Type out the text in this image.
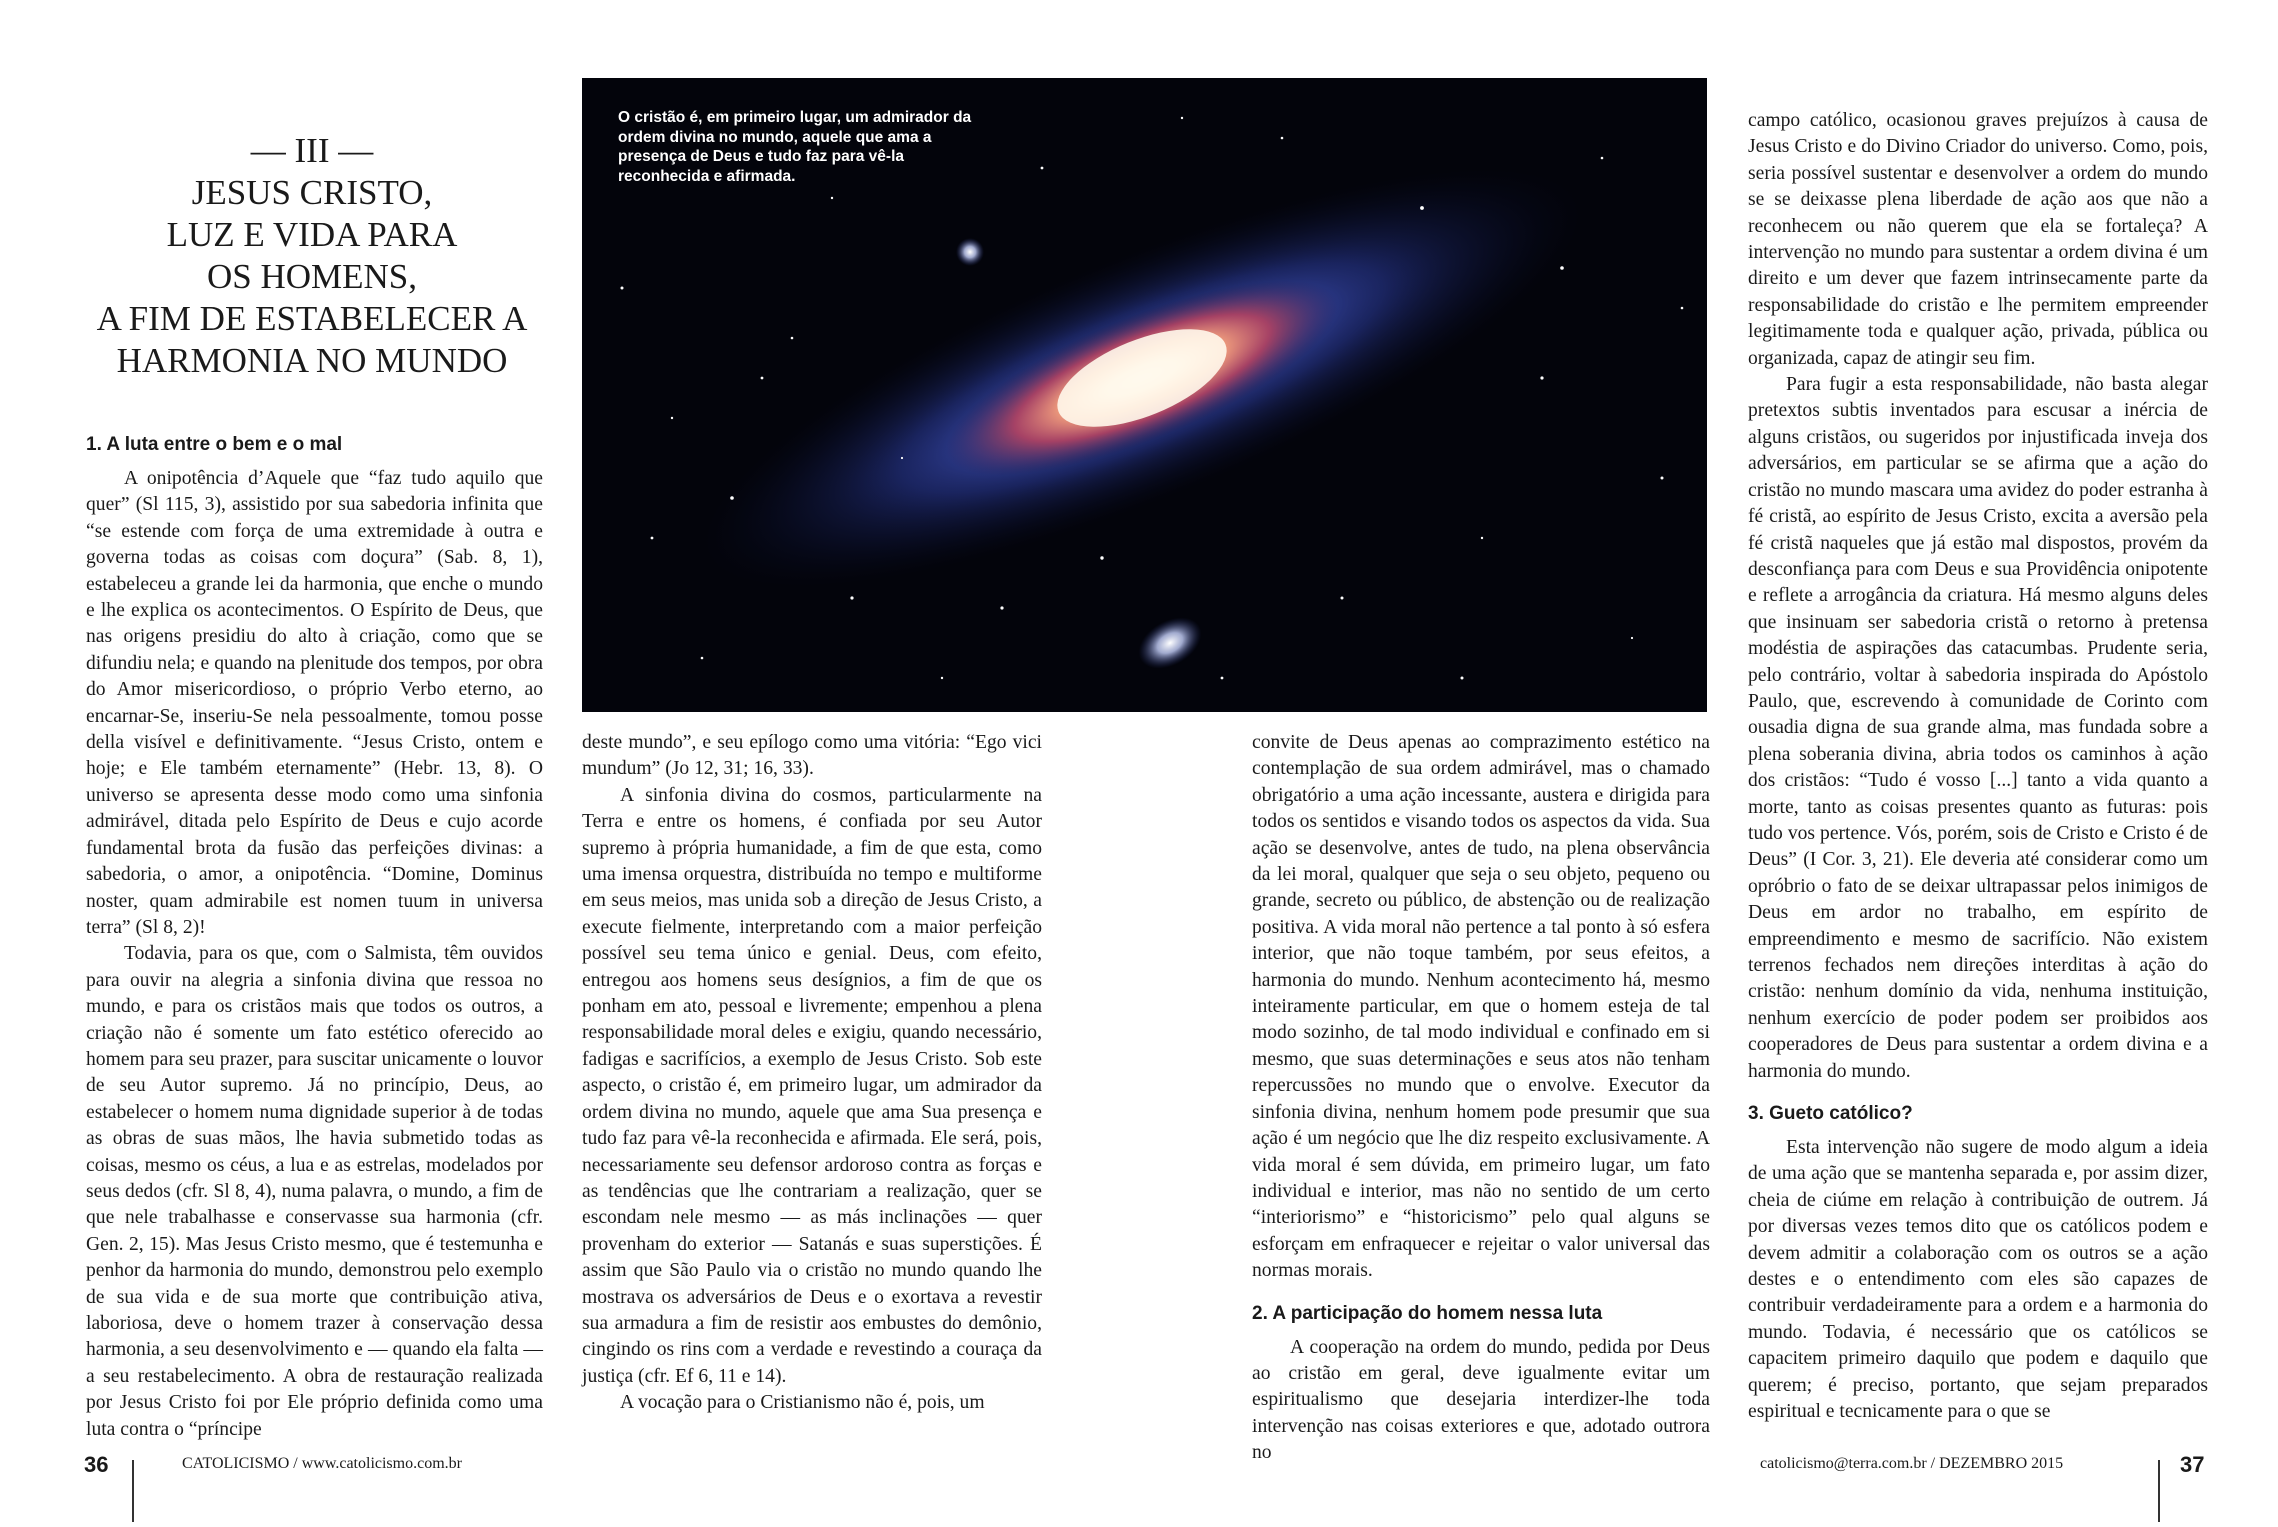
— III —
JESUS CRISTO,
LUZ E VIDA PARA
OS HOMENS,
A FIM DE ESTABELECER A
HARMONIA NO MUNDO
O cristão é, em primeiro lugar, um admirador da ordem divina no mundo, aquele que ama a presença de Deus e tudo faz para vê-la reconhecida e afirmada.
1. A luta entre o bem e o mal

A onipotência d’Aquele que “faz tudo aquilo que quer” (Sl 115, 3), assistido por sua sabedoria infinita que “se estende com força de uma extremidade à outra e governa todas as coisas com doçura” (Sab. 8, 1), estabeleceu a grande lei da harmonia, que enche o mundo e lhe explica os acontecimentos. O Espírito de Deus, que nas origens presidiu do alto à criação, como que se difundiu nela; e quando na plenitude dos tempos, por obra do Amor misericordioso, o próprio Verbo eterno, ao encarnar-Se, inseriu-Se nela pessoalmente, tomou posse della visível e definitivamente. “Jesus Cristo, ontem e hoje; e Ele também eternamente” (Hebr. 13, 8). O universo se apresenta desse modo como uma sinfonia admirável, ditada pelo Espírito de Deus e cujo acorde fundamental brota da fusão das perfeições divinas: a sabedoria, o amor, a onipotência. “Domine, Dominus noster, quam admirabile est nomen tuum in universa terra” (Sl 8, 2)!

Todavia, para os que, com o Salmista, têm ouvidos para ouvir na alegria a sinfonia divina que ressoa no mundo, e para os cristãos mais que todos os outros, a criação não é somente um fato estético oferecido ao homem para seu prazer, para suscitar unicamente o louvor de seu Autor supremo. Já no princípio, Deus, ao estabelecer o homem numa dignidade superior à de todas as obras de suas mãos, lhe havia submetido todas as coisas, mesmo os céus, a lua e as estrelas, modelados por seus dedos (cfr. Sl 8, 4), numa palavra, o mundo, a fim de que nele trabalhasse e conservasse sua harmonia (cfr. Gen. 2, 15). Mas Jesus Cristo mesmo, que é testemunha e penhor da harmonia do mundo, demonstrou pelo exemplo de sua vida e de sua morte que contribuição ativa, laboriosa, deve o homem trazer à conservação dessa harmonia, a seu desenvolvimento e — quando ela falta — a seu restabelecimento. A obra de restauração realizada por Jesus Cristo foi por Ele próprio definida como uma luta contra o “príncipe

deste mundo”, e seu epílogo como uma vitória: “Ego vici mundum” (Jo 12, 31; 16, 33).

A sinfonia divina do cosmos, particularmente na Terra e entre os homens, é confiada por seu Autor supremo à própria humanidade, a fim de que esta, como uma imensa orquestra, distribuída no tempo e multiforme em seus meios, mas unida sob a direção de Jesus Cristo, a execute fielmente, interpretando com a maior perfeição possível seu tema único e genial. Deus, com efeito, entregou aos homens seus desígnios, a fim de que os ponham em ato, pessoal e livremente; empenhou a plena responsabilidade moral deles e exigiu, quando necessário, fadigas e sacrifícios, a exemplo de Jesus Cristo. Sob este aspecto, o cristão é, em primeiro lugar, um admirador da ordem divina no mundo, aquele que ama Sua presença e tudo faz para vê-la reconhecida e afirmada. Ele será, pois, necessariamente seu defensor ardoroso contra as forças e as tendências que lhe contrariam a realização, quer se escondam nele mesmo — as más inclinações — quer provenham do exterior — Satanás e suas superstições. É assim que São Paulo via o cristão no mundo quando lhe mostrava os adversários de Deus e o exortava a revestir sua armadura a fim de resistir aos embustes do demônio, cingindo os rins com a verdade e revestindo a couraça da justiça (cfr. Ef 6, 11 e 14).

A vocação para o Cristianismo não é, pois, um

convite de Deus apenas ao comprazimento estético na contemplação de sua ordem admirável, mas o chamado obrigatório a uma ação incessante, austera e dirigida para todos os sentidos e visando todos os aspectos da vida. Sua ação se desenvolve, antes de tudo, na plena observância da lei moral, qualquer que seja o seu objeto, pequeno ou grande, secreto ou público, de abstenção ou de realização positiva. A vida moral não pertence a tal ponto à só esfera interior, que não toque também, por seus efeitos, a harmonia do mundo. Nenhum acontecimento há, mesmo inteiramente particular, em que o homem esteja de tal modo sozinho, de tal modo individual e confinado em si mesmo, que suas determinações e seus atos não tenham repercussões no mundo que o envolve. Executor da sinfonia divina, nenhum homem pode presumir que sua ação é um negócio que lhe diz respeito exclusivamente. A vida moral é sem dúvida, em primeiro lugar, um fato individual e interior, mas não no sentido de um certo “interiorismo” e “historicismo” pelo qual alguns se esforçam em enfraquecer e rejeitar o valor universal das normas morais.

2. A participação do homem nessa luta

A cooperação na ordem do mundo, pedida por Deus ao cristão em geral, deve igualmente evitar um espiritualismo que desejaria interdizer-lhe toda intervenção nas coisas exteriores e que, adotado outrora no

campo católico, ocasionou graves prejuízos à causa de Jesus Cristo e do Divino Criador do universo. Como, pois, seria possível sustentar e desenvolver a ordem do mundo se se deixasse plena liberdade de ação aos que não a reconhecem ou não querem que ela se fortaleça? A intervenção no mundo para sustentar a ordem divina é um direito e um dever que fazem intrinsecamente parte da responsabilidade do cristão e lhe permitem empreender legitimamente toda e qualquer ação, privada, pública ou organizada, capaz de atingir seu fim.

Para fugir a esta responsabilidade, não basta alegar pretextos subtis inventados para escusar a inércia de alguns cristãos, ou sugeridos por injustificada inveja dos adversários, em particular se se afirma que a ação do cristão no mundo mascara uma avidez do poder estranha à fé cristã, ao espírito de Jesus Cristo, excita a aversão pela fé cristã naqueles que já estão mal dispostos, provém da desconfiança para com Deus e sua Providência onipotente e reflete a arrogância da criatura. Há mesmo alguns deles que insinuam ser sabedoria cristã o retorno à pretensa modéstia de aspirações das catacumbas. Prudente seria, pelo contrário, voltar à sabedoria inspirada do Apóstolo Paulo, que, escrevendo à comunidade de Corinto com ousadia digna de sua grande alma, mas fundada sobre a plena soberania divina, abria todos os caminhos à ação dos cristãos: “Tudo é vosso [...] tanto a vida quanto a morte, tanto as coisas presentes quanto as futuras: pois tudo vos pertence. Vós, porém, sois de Cristo e Cristo é de Deus” (I Cor. 3, 21). Ele deveria até considerar como um opróbrio o fato de se deixar ultrapassar pelos inimigos de Deus em ardor no trabalho, em espírito de empreendimento e mesmo de sacrifício. Não existem terrenos fechados nem direções interditas à ação do cristão: nenhum domínio da vida, nenhuma instituição, nenhum exercício de poder podem ser proibidos aos cooperadores de Deus para sustentar a ordem divina e a harmonia do mundo.

3. Gueto católico?

Esta intervenção não sugere de modo algum a ideia de uma ação que se mantenha separada e, por assim dizer, cheia de ciúme em relação à contribuição de outrem. Já por diversas vezes temos dito que os católicos podem e devem admitir a colaboração com os outros se a ação destes e o entendimento com eles são capazes de contribuir verdadeiramente para a ordem e a harmonia do mundo. Todavia, é necessário que os católicos se capacitem primeiro daquilo que podem e daquilo que querem; é preciso, portanto, que sejam preparados espiritual e tecnicamente para o que se

36	CATOLICISMO / www.catolicismo.com.br	catolicismo@terra.com.br / DEZEMBRO 2015	37
